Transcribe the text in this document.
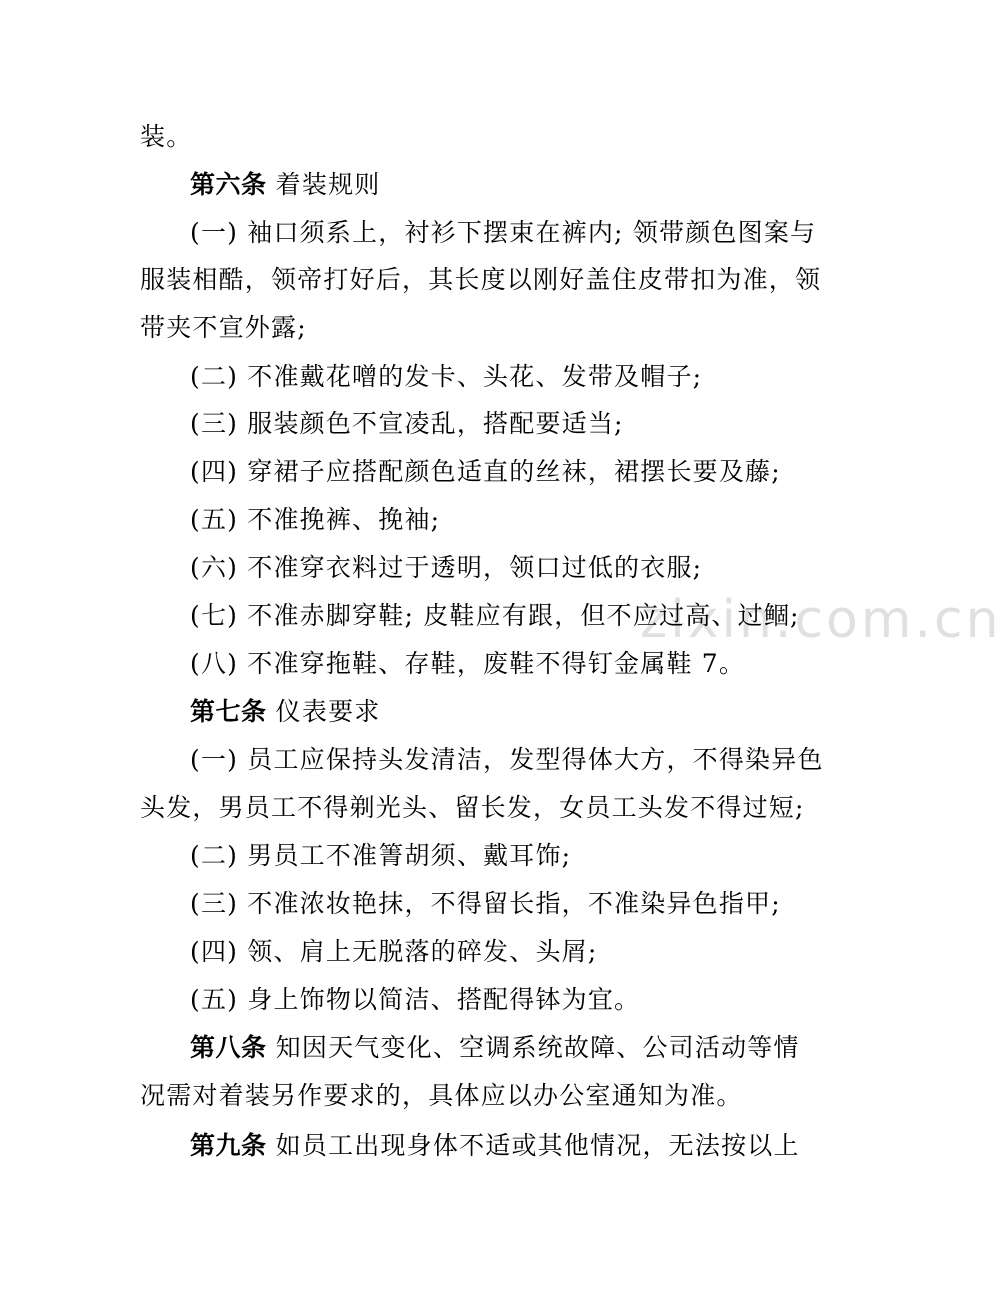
zixin.com.cn
装。
第六条 着装规则
(一) 袖口须系上，衬衫下摆束在裤内; 领带颜色图案与
服装相酷，领帝打好后，其长度以刚好盖住皮带扣为准，领
带夹不宣外露;
(二) 不准戴花噌的发卡、头花、发带及帽子;
(三) 服装颜色不宣凌乱，搭配要适当;
(四) 穿裙子应搭配颜色适直的丝袜，裙摆长要及藤;
(五) 不准挽裤、挽袖;
(六) 不准穿衣料过于透明，领口过低的衣服;
(七) 不准赤脚穿鞋; 皮鞋应有跟，但不应过高、过鲴;
(八) 不准穿拖鞋、存鞋，废鞋不得钉金属鞋 7。
第七条 仪表要求
(一) 员工应保持头发清洁，发型得体大方，不得染异色
头发，男员工不得剃光头、留长发，女员工头发不得过短;
(二) 男员工不准箐胡须、戴耳饰;
(三) 不准浓妆艳抹，不得留长指，不准染异色指甲;
(四) 领、肩上无脱落的碎发、头屑;
(五) 身上饰物以简洁、搭配得钵为宜。
第八条 知因天气变化、空调系统故障、公司活动等情
况需对着装另作要求的，具体应以办公室通知为准。
第九条 如员工出现身体不适或其他情况，无法按以上
